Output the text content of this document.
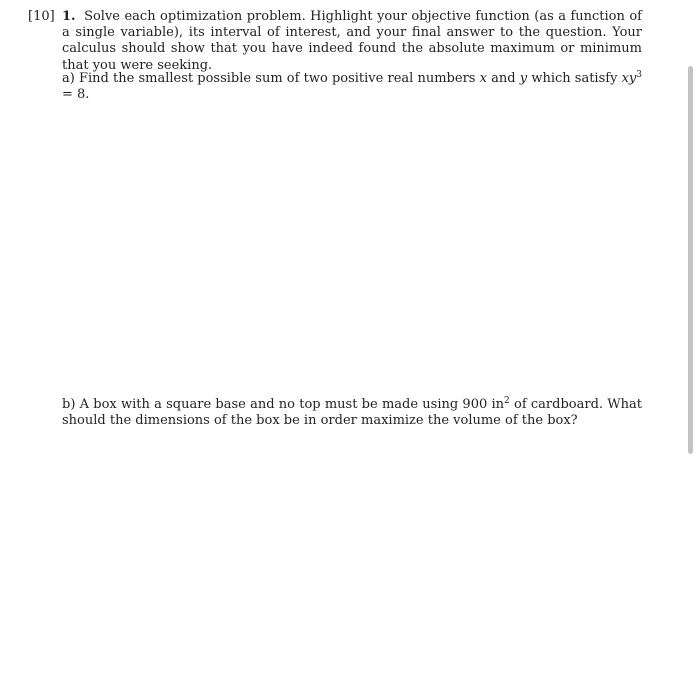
[10] 1. Solve each optimization problem. Highlight your objective function (as a function of a single variable), its interval of interest, and your final answer to the question. Your calculus should show that you have indeed found the absolute maximum or minimum that you were seeking.
a) Find the smallest possible sum of two positive real numbers x and y which satisfy $xy^3 = 8$.
b) A box with a square base and no top must be made using 900 $in^2$ of cardboard. What should the dimensions of the box be in order maximize the volume of the box?
